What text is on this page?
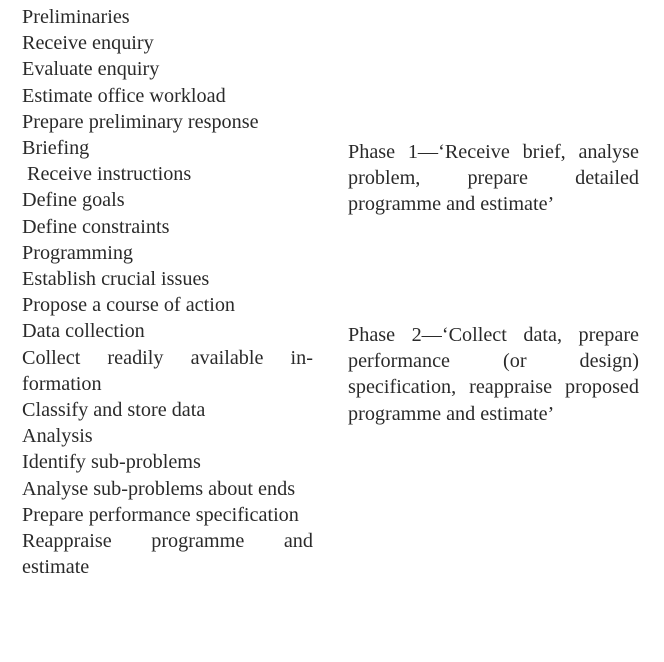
Preliminaries

Receive enquiry

Evaluate enquiry

Estimate office workload

Prepare preliminary response

Briefing

Receive instructions

Define goals

Define constraints

Programming

Establish crucial issues

Propose a course of action

Data collection

Collect readily available information

Classify and store data

Analysis

Identify sub-problems

Analyse sub-problems about ends

Prepare performance specification

Reappraise programme and estimate

Phase 1—‘Receive brief, analyse problem, prepare detailed programme and estimate’

Phase 2—‘Collect data, prepare performance (or design) specification, reappraise proposed programme and estimate’
